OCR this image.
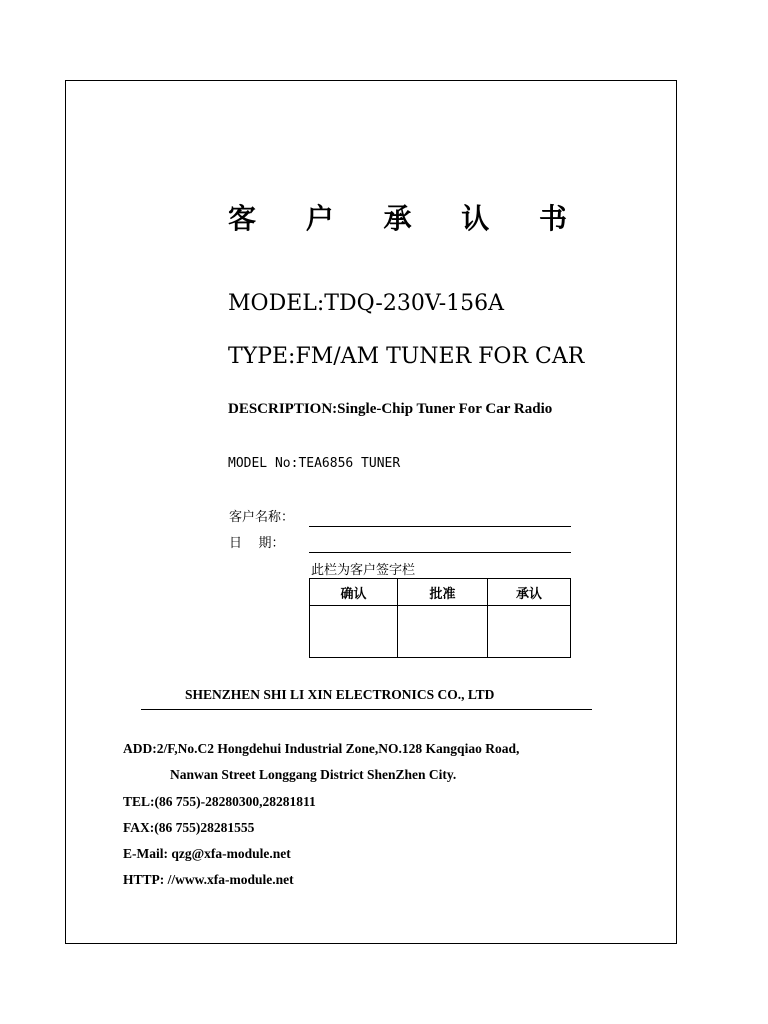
客 户 承 认 书
MODEL:TDQ-230V-156A
TYPE:FM/AM TUNER FOR CAR
DESCRIPTION:Single-Chip Tuner For Car Radio
MODEL No:TEA6856 TUNER
客户名称：
日    期：
此栏为客户签字栏
确认	批准	承认

SHENZHEN SHI LI XIN ELECTRONICS CO., LTD
ADD:2/F,No.C2 Hongdehui Industrial Zone,NO.128 Kangqiao Road,
Nanwan Street Longgang District ShenZhen City.
TEL:(86 755)-28280300,28281811
FAX:(86 755)28281555
E-Mail: qzg@xfa-module.net
HTTP: //www.xfa-module.net
